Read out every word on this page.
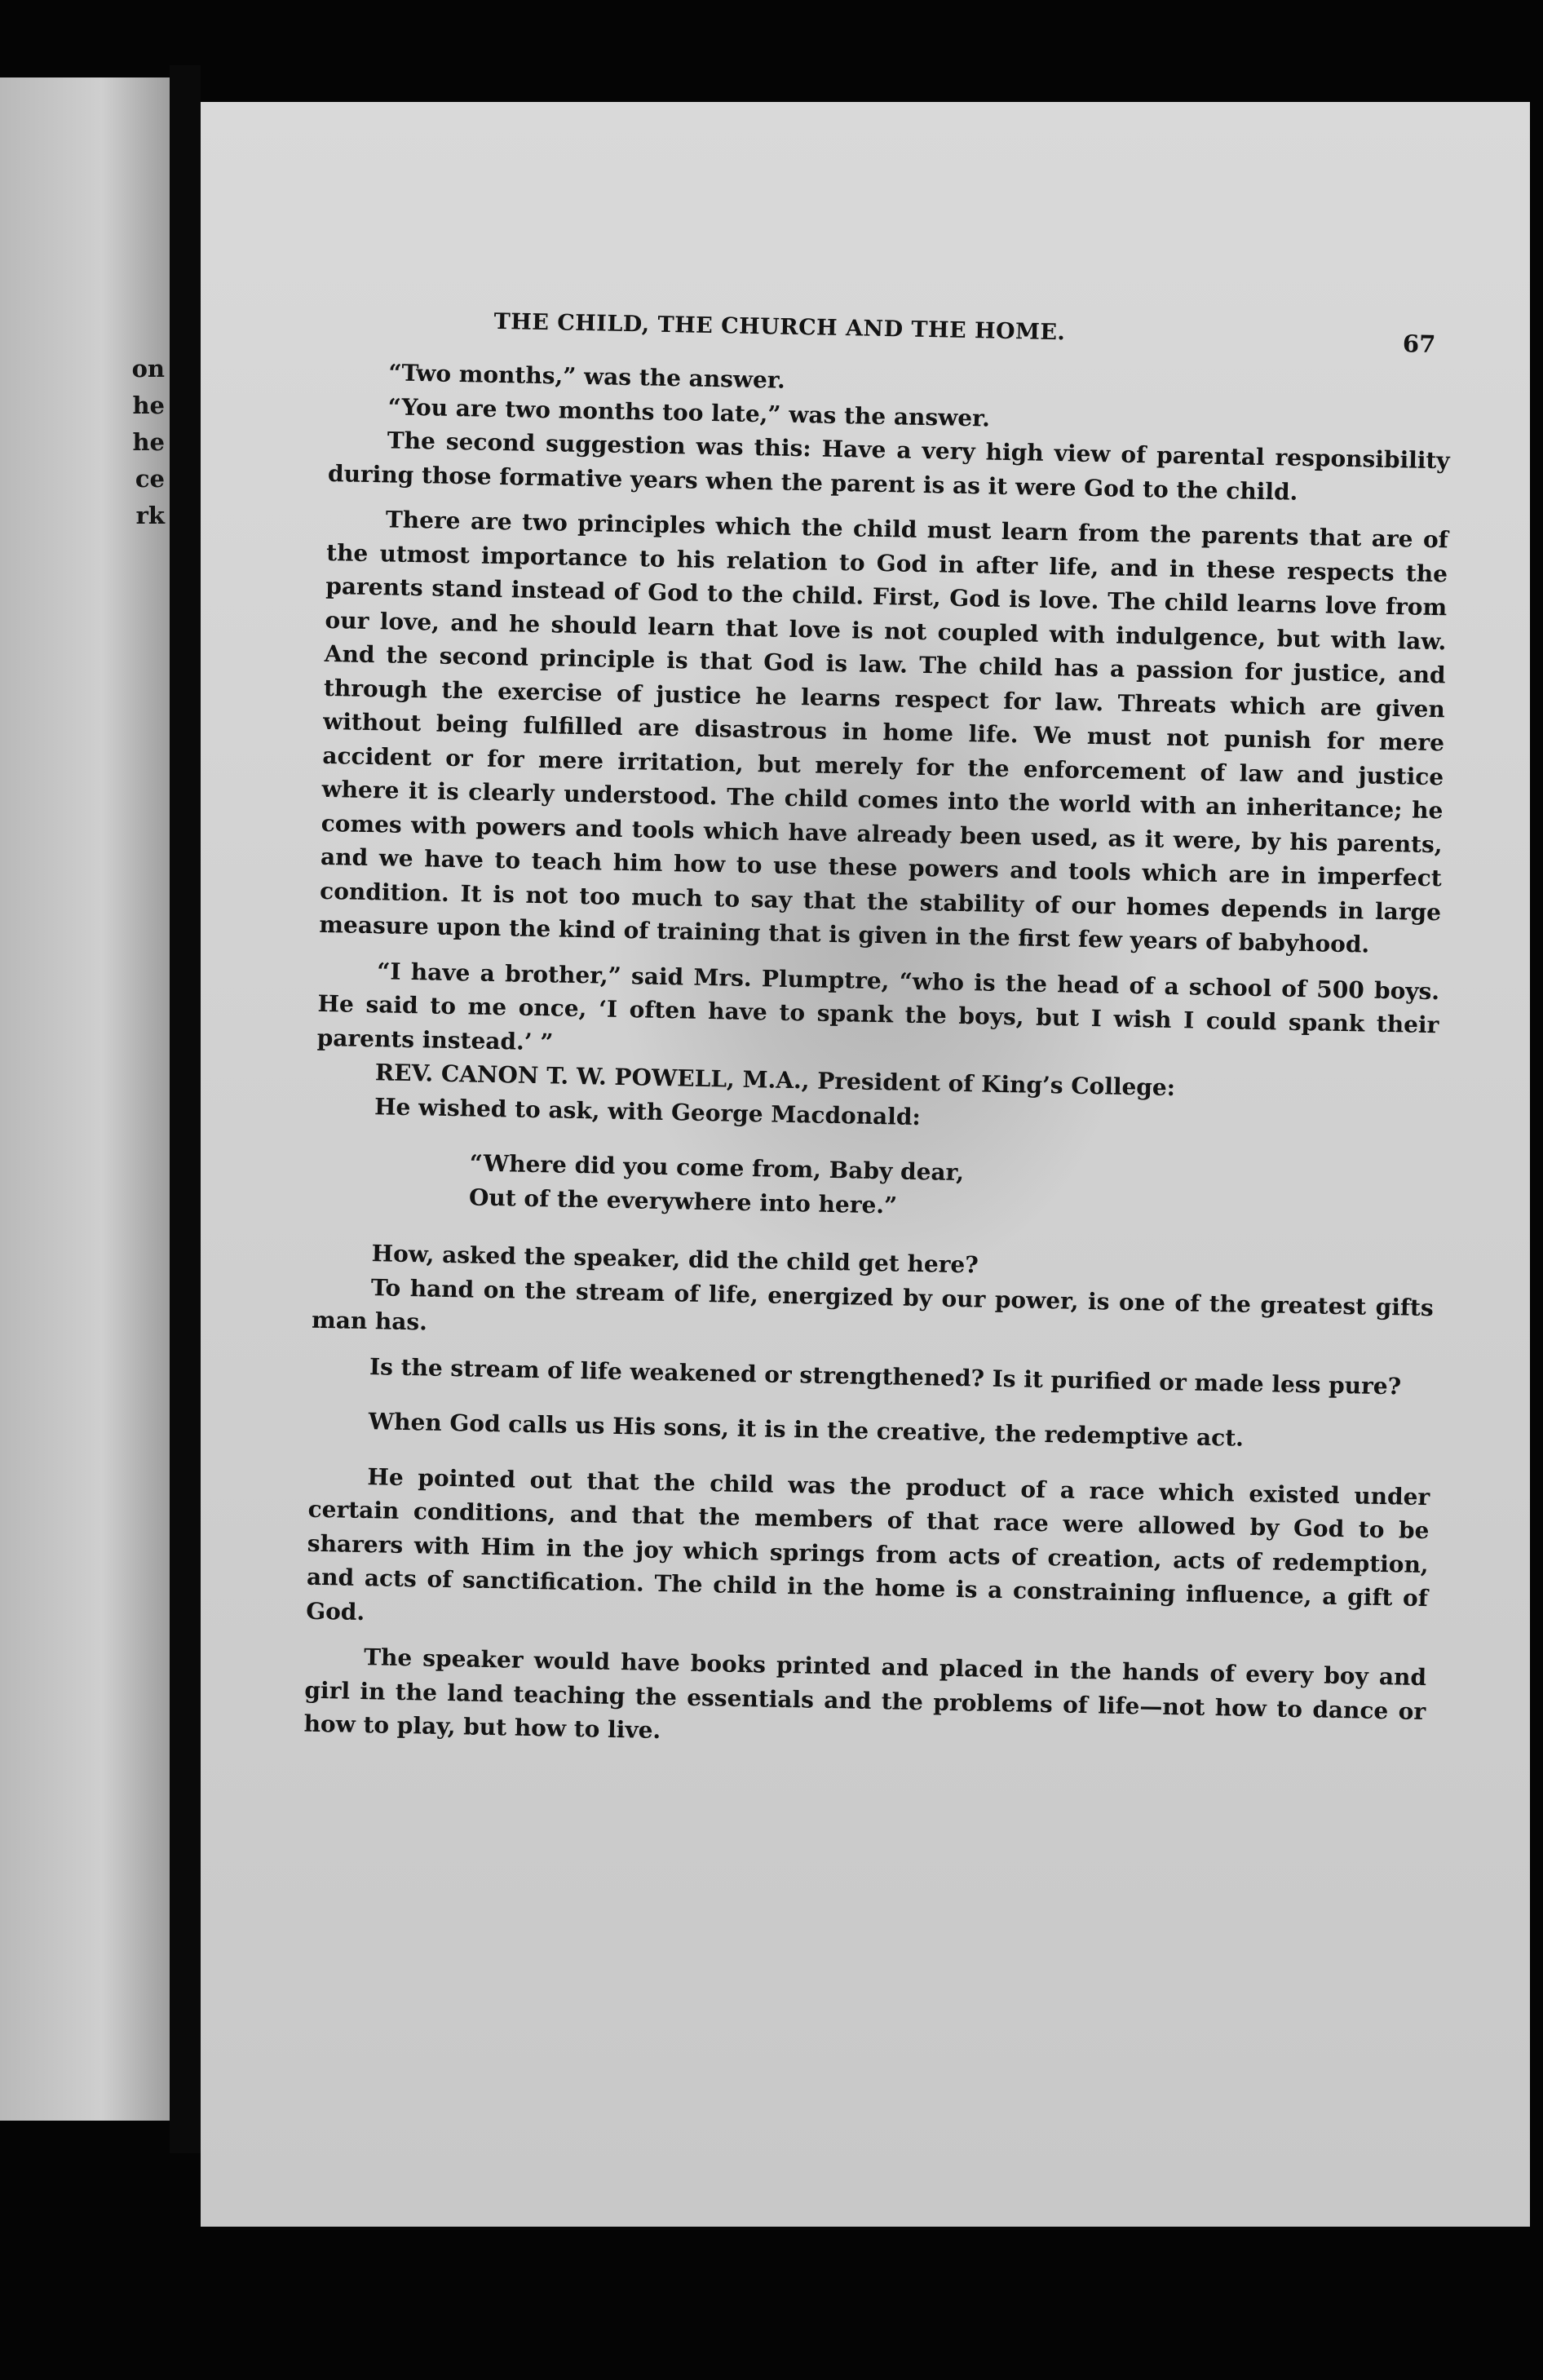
on
he
he
ce
rk
THE CHILD, THE CHURCH AND THE HOME.	67

“Two months,” was the answer.

“You are two months too late,” was the answer.

The second suggestion was this: Have a very high view of parental responsibility during those formative years when the parent is as it were God to the child.

There are two principles which the child must learn from the parents that are of the utmost importance to his relation to God in after life, and in these respects the parents stand instead of God to the child. First, God is love. The child learns love from our love, and he should learn that love is not coupled with indulgence, but with law. And the second principle is that God is law. The child has a passion for justice, and through the exercise of justice he learns respect for law. Threats which are given without being fulfilled are disastrous in home life. We must not punish for mere accident or for mere irritation, but merely for the enforcement of law and justice where it is clearly understood. The child comes into the world with an inheritance; he comes with powers and tools which have already been used, as it were, by his parents, and we have to teach him how to use these powers and tools which are in imperfect condition. It is not too much to say that the stability of our homes depends in large measure upon the kind of training that is given in the first few years of babyhood.

“I have a brother,” said Mrs. Plumptre, “who is the head of a school of 500 boys. He said to me once, ‘I often have to spank the boys, but I wish I could spank their parents instead.’ ”

REV. CANON T. W. POWELL, M.A., President of King’s College:

He wished to ask, with George Macdonald:

“Where did you come from, Baby dear,
Out of the everywhere into here.”

How, asked the speaker, did the child get here?

To hand on the stream of life, energized by our power, is one of the greatest gifts man has.

Is the stream of life weakened or strengthened? Is it purified or made less pure?

When God calls us His sons, it is in the creative, the redemptive act.

He pointed out that the child was the product of a race which existed under certain conditions, and that the members of that race were allowed by God to be sharers with Him in the joy which springs from acts of creation, acts of redemption, and acts of sanctification. The child in the home is a constraining influence, a gift of God.

The speaker would have books printed and placed in the hands of every boy and girl in the land teaching the essentials and the problems of life—not how to dance or how to play, but how to live.
